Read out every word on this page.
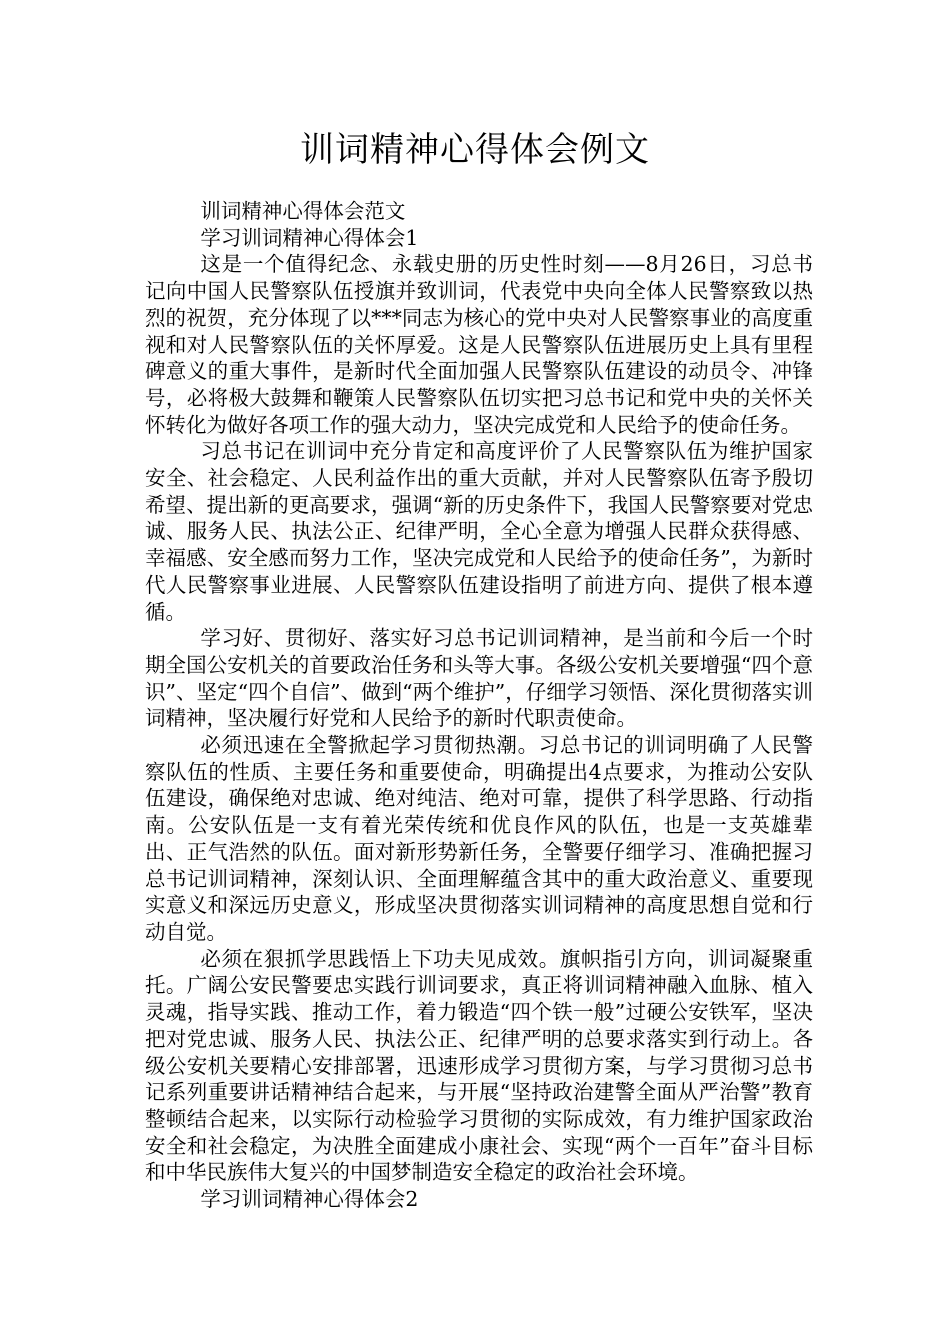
训词精神心得体会例文

训词精神心得体会范文

学习训词精神心得体会1

这是一个值得纪念、永载史册的历史性时刻——8月26日，习总书记向中国人民警察队伍授旗并致训词，代表党中央向全体人民警察致以热烈的祝贺，充分体现了以***同志为核心的党中央对人民警察事业的高度重视和对人民警察队伍的关怀厚爱。这是人民警察队伍进展历史上具有里程碑意义的重大事件，是新时代全面加强人民警察队伍建设的动员令、冲锋号，必将极大鼓舞和鞭策人民警察队伍切实把习总书记和党中央的关怀关怀转化为做好各项工作的强大动力，坚决完成党和人民给予的使命任务。

习总书记在训词中充分肯定和高度评价了人民警察队伍为维护国家安全、社会稳定、人民利益作出的重大贡献，并对人民警察队伍寄予殷切希望、提出新的更高要求，强调“新的历史条件下，我国人民警察要对党忠诚、服务人民、执法公正、纪律严明，全心全意为增强人民群众获得感、幸福感、安全感而努力工作，坚决完成党和人民给予的使命任务”，为新时代人民警察事业进展、人民警察队伍建设指明了前进方向、提供了根本遵循。

学习好、贯彻好、落实好习总书记训词精神，是当前和今后一个时期全国公安机关的首要政治任务和头等大事。各级公安机关要增强“四个意识”、坚定“四个自信”、做到“两个维护”，仔细学习领悟、深化贯彻落实训词精神，坚决履行好党和人民给予的新时代职责使命。

必须迅速在全警掀起学习贯彻热潮。习总书记的训词明确了人民警察队伍的性质、主要任务和重要使命，明确提出4点要求，为推动公安队伍建设，确保绝对忠诚、绝对纯洁、绝对可靠，提供了科学思路、行动指南。公安队伍是一支有着光荣传统和优良作风的队伍，也是一支英雄辈出、正气浩然的队伍。面对新形势新任务，全警要仔细学习、准确把握习总书记训词精神，深刻认识、全面理解蕴含其中的重大政治意义、重要现实意义和深远历史意义，形成坚决贯彻落实训词精神的高度思想自觉和行动自觉。

必须在狠抓学思践悟上下功夫见成效。旗帜指引方向，训词凝聚重托。广阔公安民警要忠实践行训词要求，真正将训词精神融入血脉、植入灵魂，指导实践、推动工作，着力锻造“四个铁一般”过硬公安铁军，坚决把对党忠诚、服务人民、执法公正、纪律严明的总要求落实到行动上。各级公安机关要精心安排部署，迅速形成学习贯彻方案，与学习贯彻习总书记系列重要讲话精神结合起来，与开展“坚持政治建警全面从严治警”教育整顿结合起来，以实际行动检验学习贯彻的实际成效，有力维护国家政治安全和社会稳定，为决胜全面建成小康社会、实现“两个一百年”奋斗目标和中华民族伟大复兴的中国梦制造安全稳定的政治社会环境。

学习训词精神心得体会2
